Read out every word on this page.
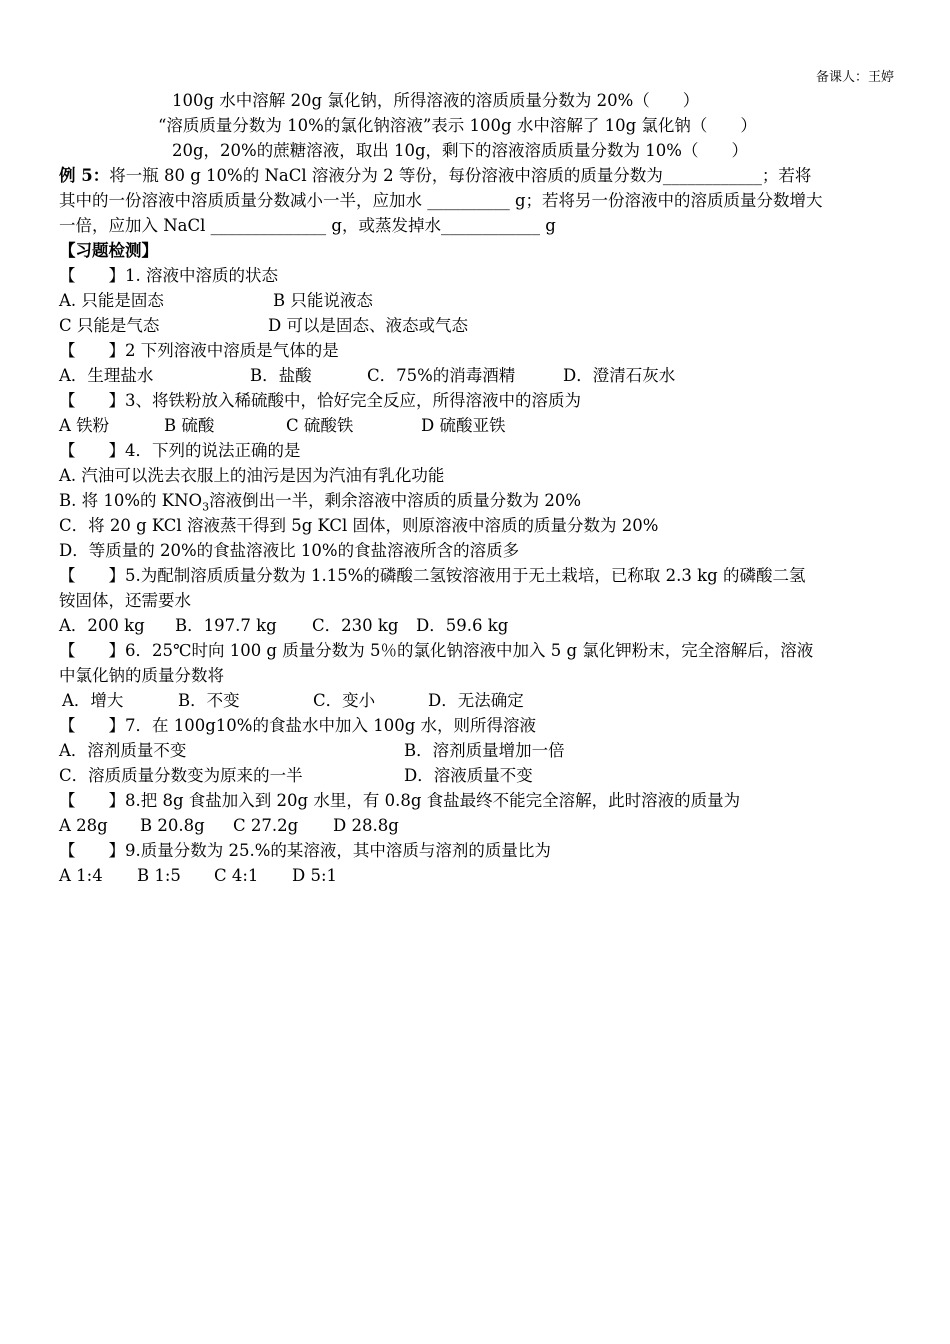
备课人：王婷
100g 水中溶解 20g 氯化钠，所得溶液的溶质质量分数为 20%（　　）
“溶质质量分数为 10%的氯化钠溶液”表示 100g 水中溶解了 10g 氯化钠（　　）
20g，20%的蔗糖溶液，取出 10g，剩下的溶液溶质质量分数为 10%（　　）
例 5：将一瓶 80 g 10%的 NaCl 溶液分为 2 等份，每份溶液中溶质的质量分数为____________；若将
其中的一份溶液中溶质质量分数减小一半，应加水 __________ g；若将另一份溶液中的溶质质量分数增大
一倍，应加入 NaCl ______________ g，或蒸发掉水____________ g
【习题检测】
【　　】1. 溶液中溶质的状态
A. 只能是固态	B 只能说液态
C 只能是气态	D 可以是固态、液态或气态
【　　】2 下列溶液中溶质是气体的是
A．生理盐水	B．盐酸	C．75%的消毒酒精	D．澄清石灰水
【　　】3、将铁粉放入稀硫酸中，恰好完全反应，所得溶液中的溶质为
A 铁粉	B 硫酸	C 硫酸铁	D 硫酸亚铁
【　　】4．下列的说法正确的是
A. 汽油可以洗去衣服上的油污是因为汽油有乳化功能
B. 将 10%的 $KNO_3$溶液倒出一半，剩余溶液中溶质的质量分数为 20%
C．将 20 g KCl 溶液蒸干得到 5g KCl 固体，则原溶液中溶质的质量分数为 20%
D．等质量的 20%的食盐溶液比 10%的食盐溶液所含的溶质多
【　　】5.为配制溶质质量分数为 1.15%的磷酸二氢铵溶液用于无土栽培，已称取 2.3 kg 的磷酸二氢
铵固体，还需要水
A．200 kg B．197.7 kg C．230 kg D．59.6 kg
【　　】6．25℃时向 100 g 质量分数为 5％的氯化钠溶液中加入 5 g 氯化钾粉末，完全溶解后，溶液
中氯化钠的质量分数将
A．增大	B．不变	C．变小	D．无法确定
【　　】7．在 100g10%的食盐水中加入 100g 水，则所得溶液
A．溶剂质量不变	B．溶剂质量增加一倍
C．溶质质量分数变为原来的一半	D．溶液质量不变
【　　】8.把 8g 食盐加入到 20g 水里，有 0.8g 食盐最终不能完全溶解，此时溶液的质量为
A 28g B 20.8g C 27.2g D 28.8g
【　　】9.质量分数为 25.%的某溶液，其中溶质与溶剂的质量比为
A 1:4 B 1:5 C 4:1 D 5:1
